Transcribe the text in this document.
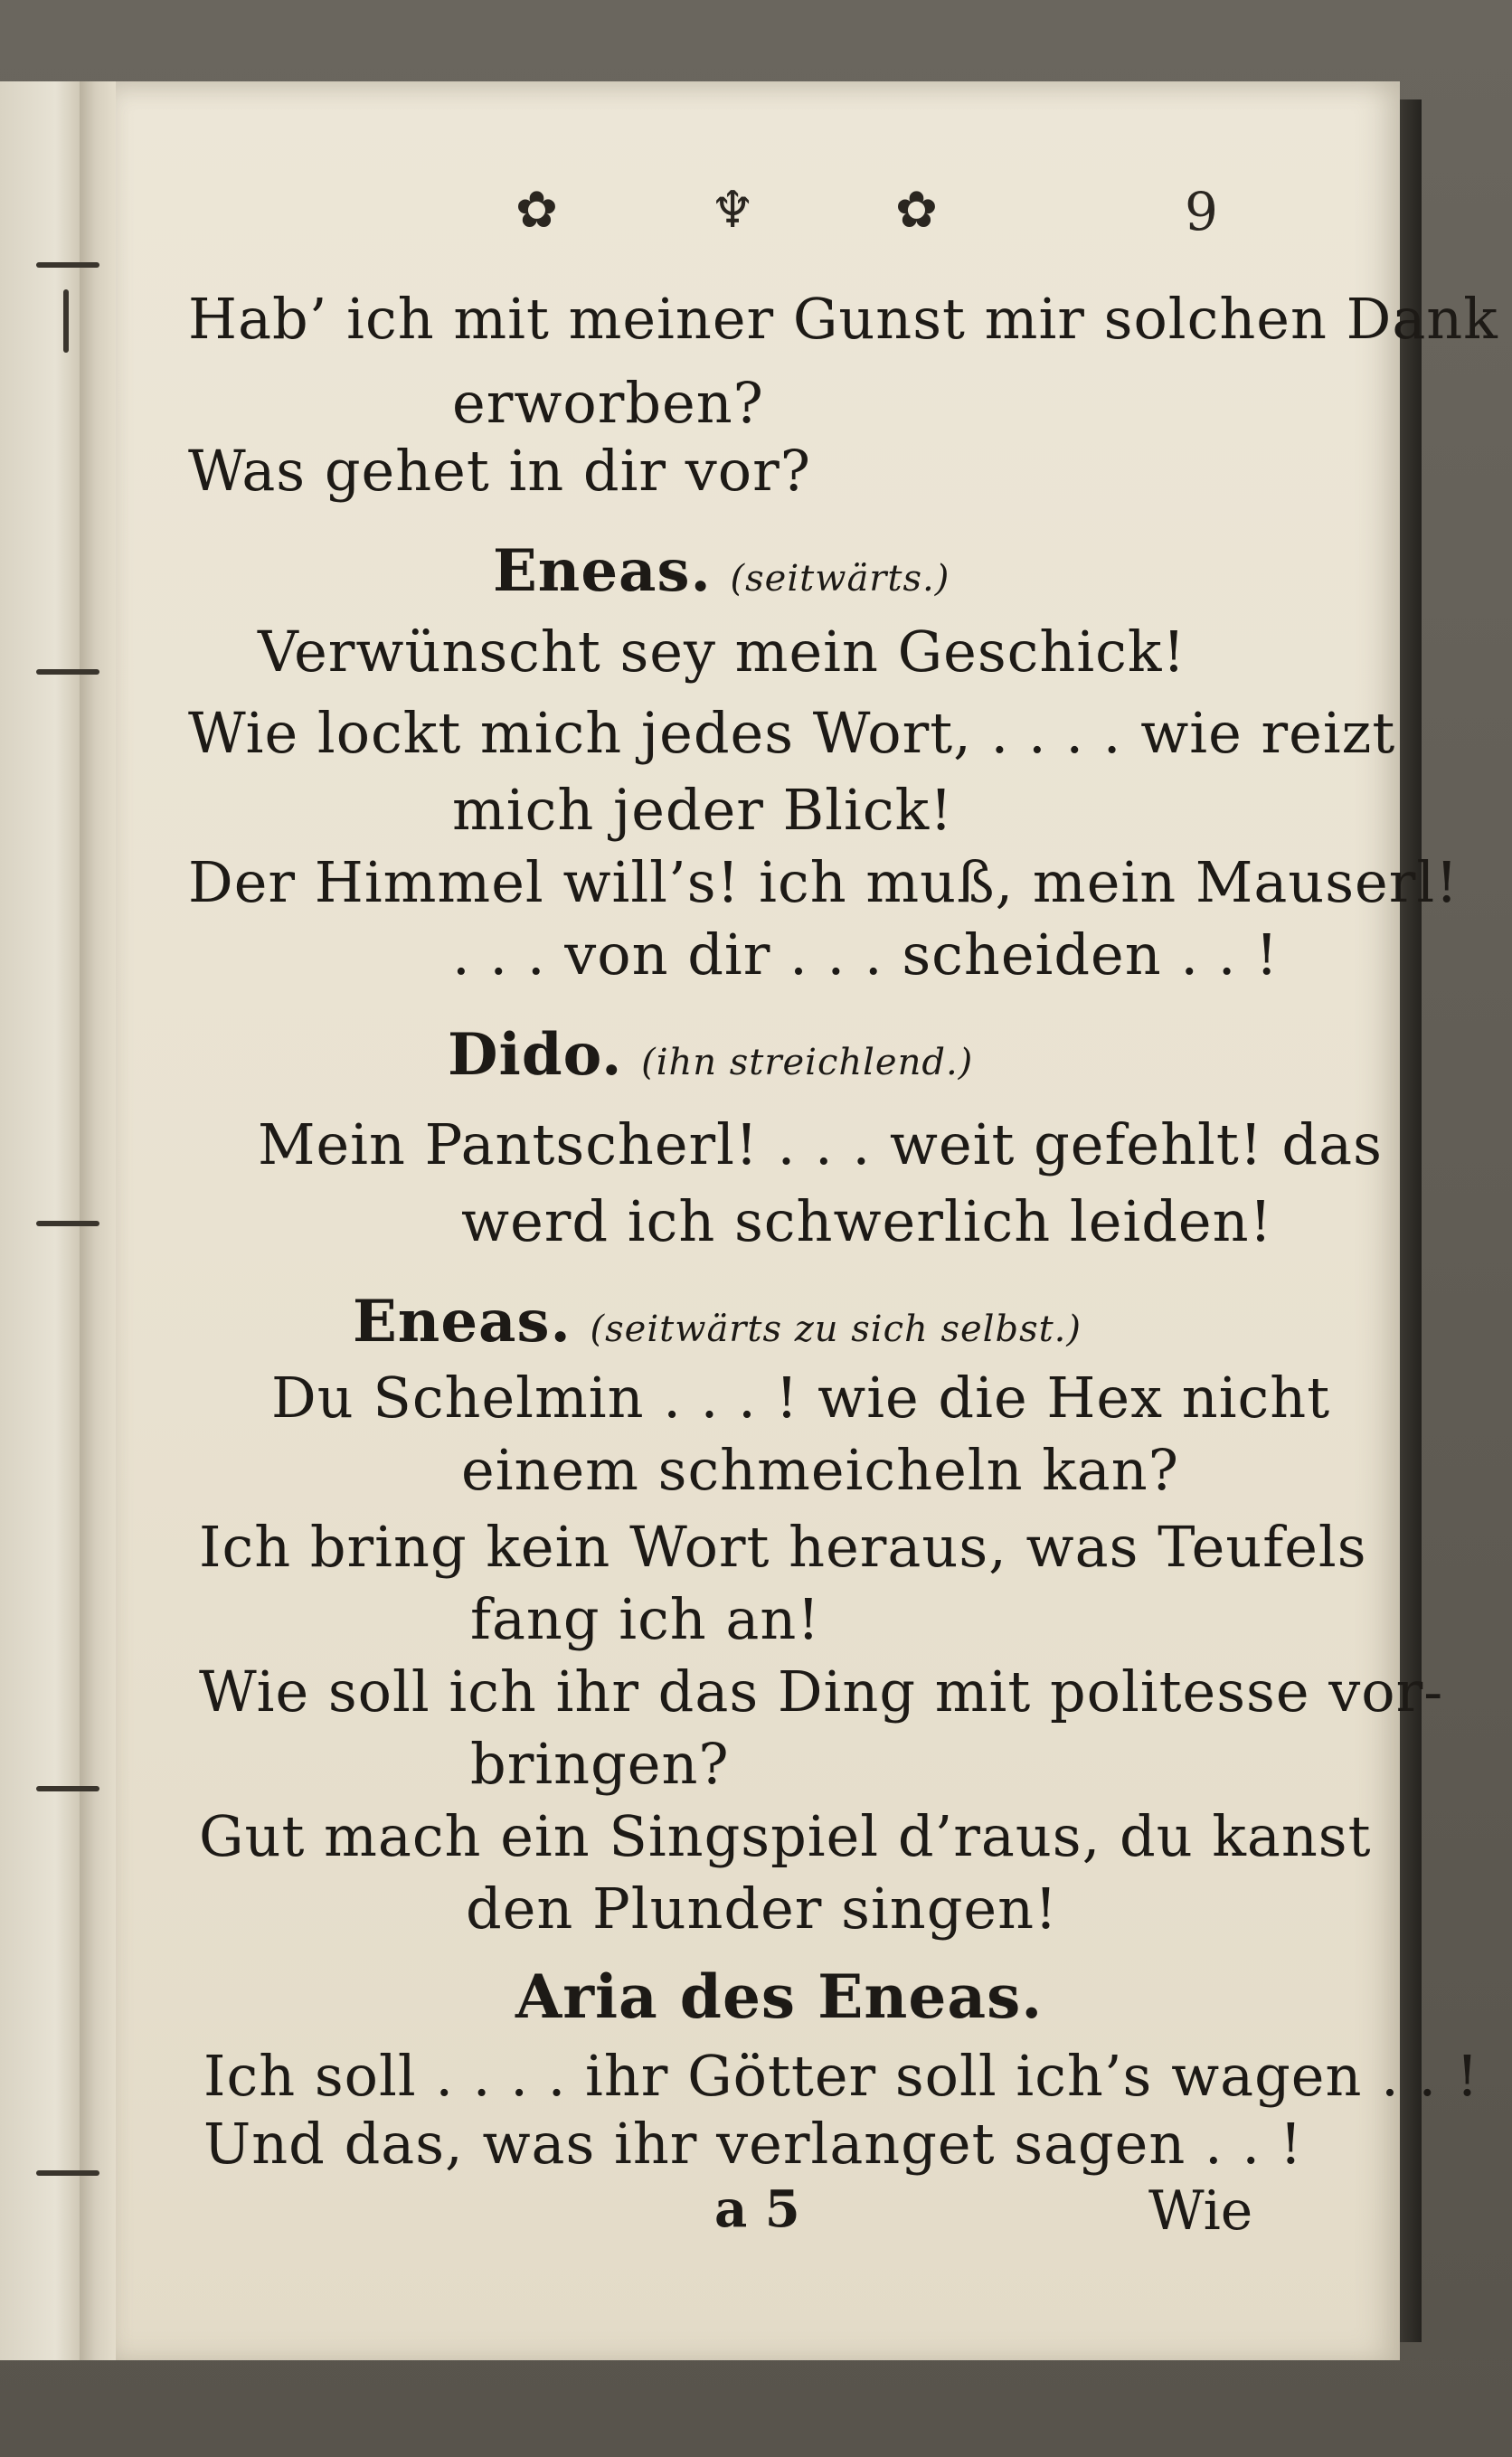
✿	♆	✿	9
Hab’ ich mit meiner Gunst mir solchen Dank
erworben?
Was gehet in dir vor?
Eneas. (seitwärts.)
Verwünscht sey mein Geschick!
Wie lockt mich jedes Wort, . . . . wie reizt
mich jeder Blick!
Der Himmel will’s! ich muß, mein Mauserl!
. . . von dir . . . scheiden . . !
Dido. (ihn streichlend.)
Mein Pantscherl! . . . weit gefehlt! das
werd ich schwerlich leiden!
Eneas. (seitwärts zu sich selbst.)
Du Schelmin . . . ! wie die Hex nicht
einem schmeicheln kan?
Ich bring kein Wort heraus, was Teufels
fang ich an!
Wie soll ich ihr das Ding mit politesse vor-
bringen?
Gut mach ein Singspiel d’raus, du kanst
den Plunder singen!
Aria des Eneas.
Ich soll . . . . ihr Götter soll ich’s wagen . . !
Und das, was ihr verlanget sagen . . !
a 5	Wie
